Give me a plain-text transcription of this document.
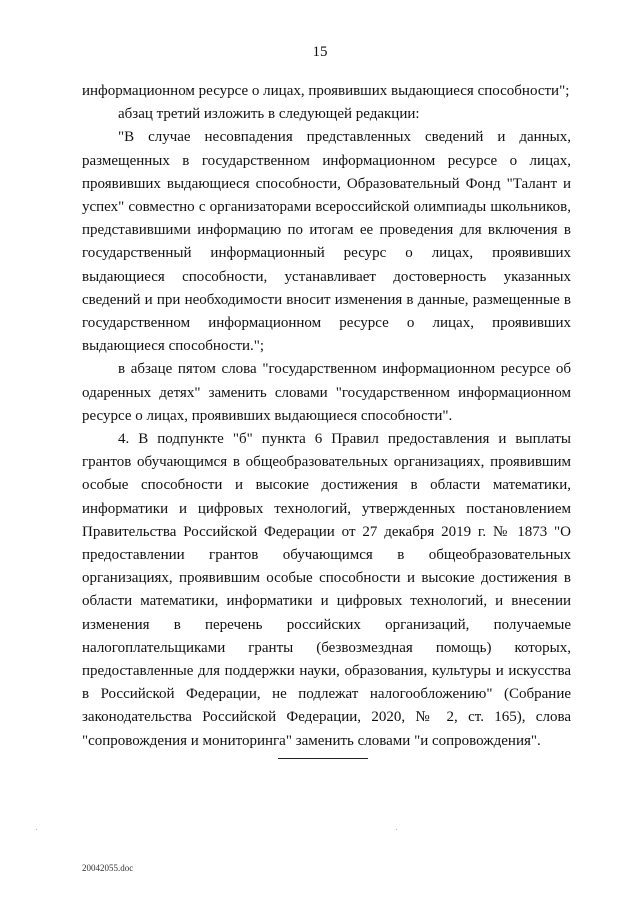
15

информационном ресурсе о лицах, проявивших выдающиеся способности";

абзац третий изложить в следующей редакции:

"В случае несовпадения представленных сведений и данных, размещенных в государственном информационном ресурсе о лицах, проявивших выдающиеся способности, Образовательный Фонд "Талант и успех" совместно с организаторами всероссийской олимпиады школьников, представившими информацию по итогам ее проведения для включения в государственный информационный ресурс о лицах, проявивших выдающиеся способности, устанавливает достоверность указанных сведений и при необходимости вносит изменения в данные, размещенные в государственном информационном ресурсе о лицах, проявивших выдающиеся способности.";

в абзаце пятом слова "государственном информационном ресурсе об одаренных детях" заменить словами "государственном информационном ресурсе о лицах, проявивших выдающиеся способности".

4. В подпункте "б" пункта 6 Правил предоставления и выплаты грантов обучающимся в общеобразовательных организациях, проявившим особые способности и высокие достижения в области математики, информатики и цифровых технологий, утвержденных постановлением Правительства Российской Федерации от 27 декабря 2019 г. № 1873 "О предоставлении грантов обучающимся в общеобразовательных организациях, проявившим особые способности и высокие достижения в области математики, информатики и цифровых технологий, и внесении изменения в перечень российских организаций, получаемые налогоплательщиками гранты (безвозмездная помощь) которых, предоставленные для поддержки науки, образования, культуры и искусства в Российской Федерации, не подлежат налогообложению" (Собрание законодательства Российской Федерации, 2020, № 2, ст. 165), слова "сопровождения и мониторинга" заменить словами "и сопровождения".

20042055.doc
